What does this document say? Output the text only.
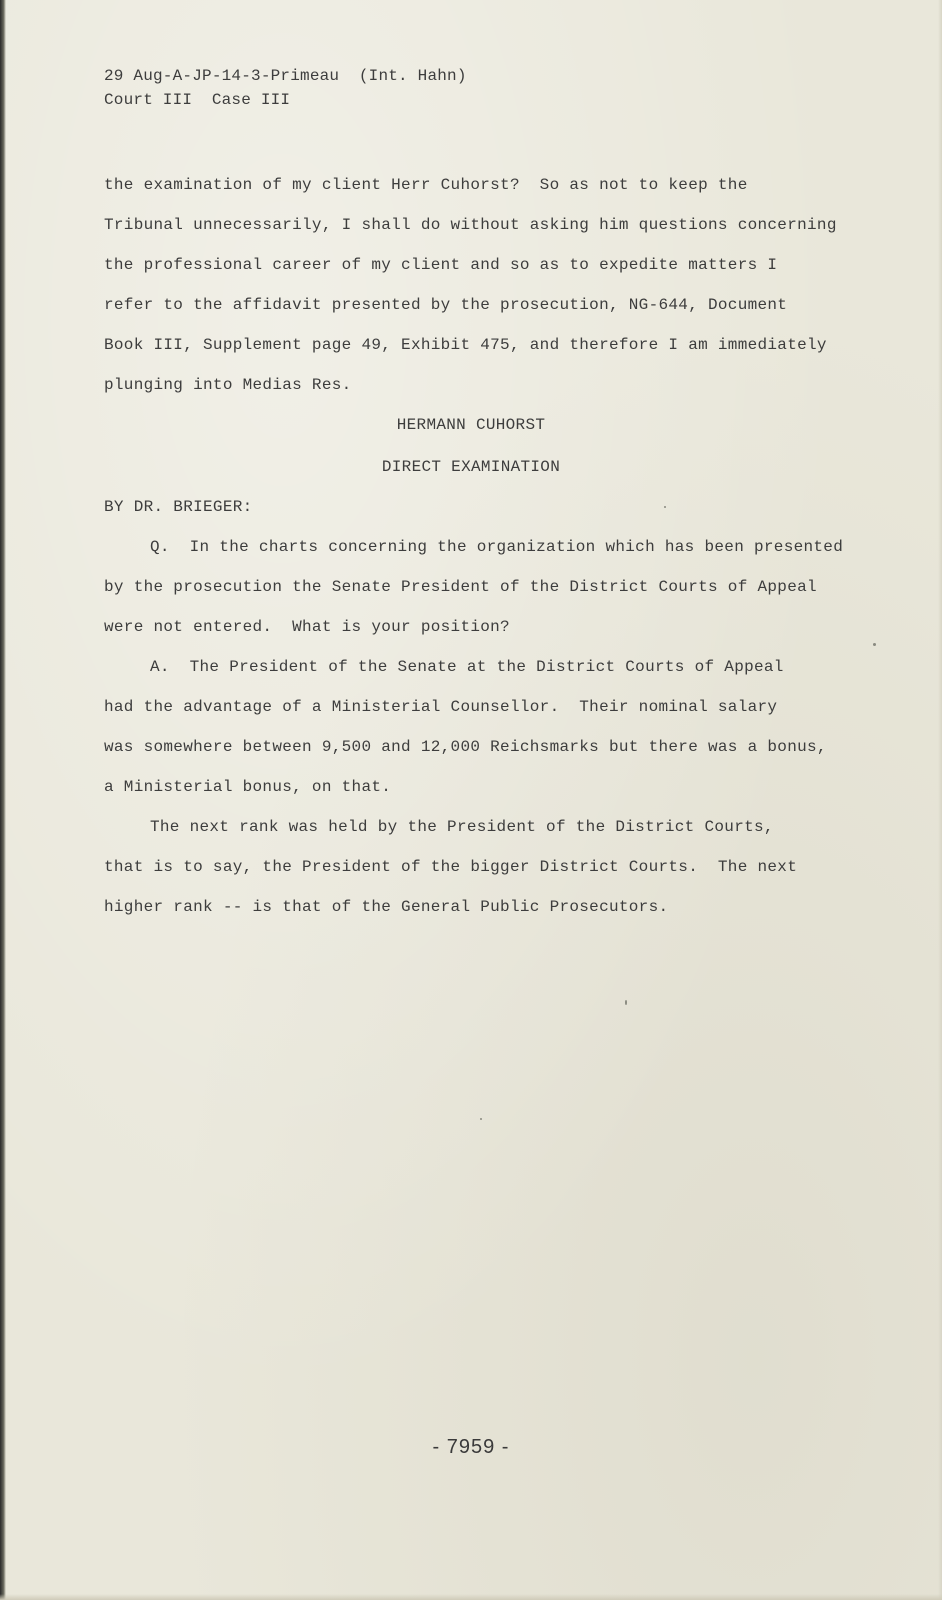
29 Aug-A-JP-14-3-Primeau  (Int. Hahn)
Court III  Case III
the examination of my client Herr Cuhorst?  So as not to keep the
Tribunal unnecessarily, I shall do without asking him questions concerning
the professional career of my client and so as to expedite matters I
refer to the affidavit presented by the prosecution, NG-644, Document
Book III, Supplement page 49, Exhibit 475, and therefore I am immediately
plunging into Medias Res.
HERMANN CUHORST
DIRECT EXAMINATION
BY DR. BRIEGER:
Q.  In the charts concerning the organization which has been presented
by the prosecution the Senate President of the District Courts of Appeal
were not entered.  What is your position?
A.  The President of the Senate at the District Courts of Appeal
had the advantage of a Ministerial Counsellor.  Their nominal salary
was somewhere between 9,500 and 12,000 Reichsmarks but there was a bonus,
a Ministerial bonus, on that.
The next rank was held by the President of the District Courts,
that is to say, the President of the bigger District Courts.  The next
higher rank -- is that of the General Public Prosecutors.
- 7959 -
